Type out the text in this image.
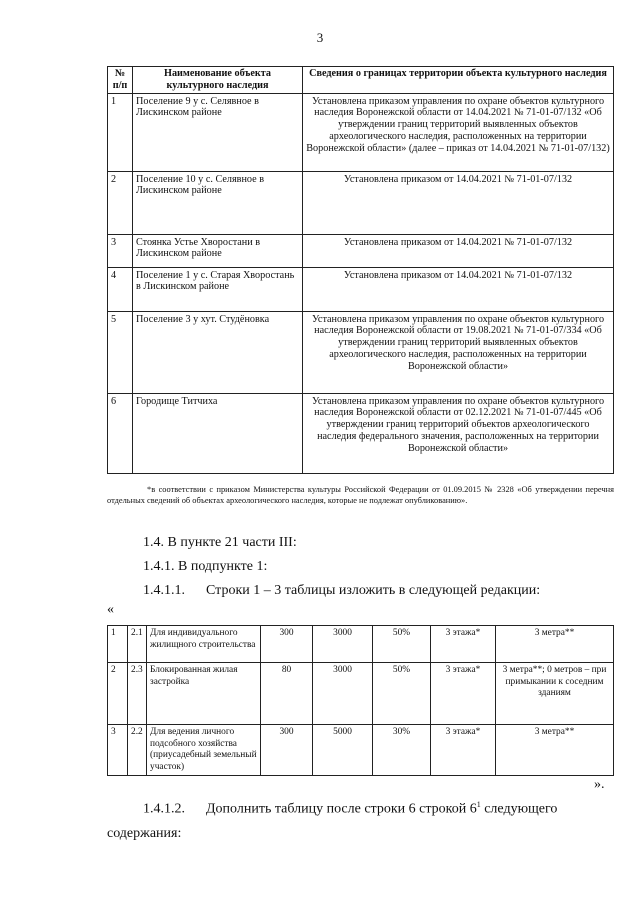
3
№ п/п	Наименование объекта культурного наследия	Сведения о границах территории объекта культурного наследия
1	Поселение 9 у с. Селявное в Лискинском районе	Установлена приказом управления по охране объектов культурного наследия Воронежской области от 14.04.2021 № 71-01-07/132 «Об утверждении границ территорий выявленных объектов археологического наследия, расположенных на территории Воронежской области» (далее – приказ от 14.04.2021 № 71-01-07/132)
2	Поселение 10 у с. Селявное в Лискинском районе	Установлена приказом от 14.04.2021 № 71-01-07/132
3	Стоянка Устье Хворостани в Лискинском районе	Установлена приказом от 14.04.2021 № 71-01-07/132
4	Поселение 1 у с. Старая Хворостань в Лискинском районе	Установлена приказом от 14.04.2021 № 71-01-07/132
5	Поселение 3 у хут. Студёновка	Установлена приказом управления по охране объектов культурного наследия Воронежской области от 19.08.2021 № 71-01-07/334 «Об утверждении границ территорий выявленных объектов археологического наследия, расположенных на территории Воронежской области»
6	Городище Титчиха	Установлена приказом управления по охране объектов культурного наследия Воронежской области от 02.12.2021 № 71-01-07/445 «Об утверждении границ территорий объектов археологического наследия федерального значения, расположенных на территории Воронежской области»
*в соответствии с приказом Министерства культуры Российской Федерации от 01.09.2015 № 2328 «Об утверждении перечня отдельных сведений об объектах археологического наследия, которые не подлежат опубликованию».
1.4. В пункте 21 части III:
1.4.1. В подпункте 1:
1.4.1.1.      Строки 1 – 3 таблицы изложить в следующей редакции:
«
1	2.1	Для индивидуального жилищного строительства	300	3000	50%	3 этажа*	3 метра**
2	2.3	Блокированная жилая застройка	80	3000	50%	3 этажа*	3 метра**; 0 метров – при примыкании к соседним зданиям
3	2.2	Для ведения личного подсобного хозяйства (приусадебный земельный участок)	300	5000	30%	3 этажа*	3 метра**
».
1.4.1.2.      Дополнить таблицу после строки 6 строкой $6^1$ следующего
содержания:
